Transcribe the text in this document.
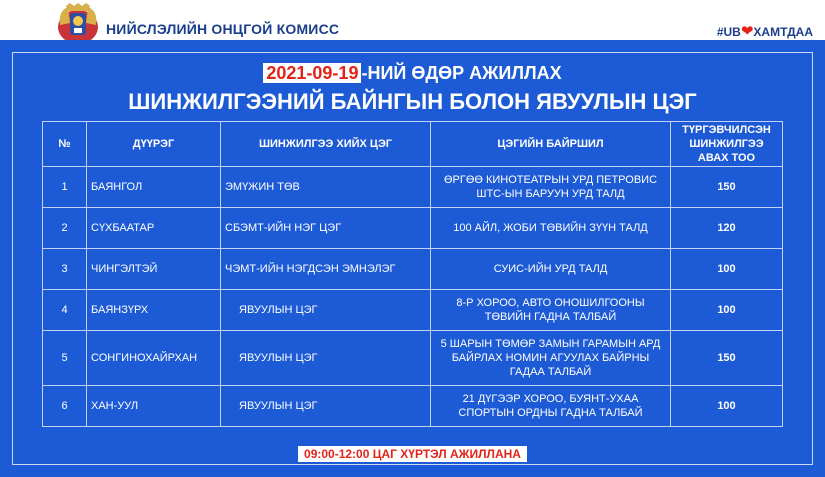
НИЙСЛЭЛИЙН ОНЦГОЙ КОМИСС	#UB❤ХАМТДАА
2021-09-19 -НИЙ ӨДӨР АЖИЛЛАХ
ШИНЖИЛГЭЭНИЙ БАЙНГЫН БОЛОН ЯВУУЛЫН ЦЭГ
№	ДҮҮРЭГ	ШИНЖИЛГЭЭ ХИЙХ ЦЭГ	ЦЭГИЙН БАЙРШИЛ	ТҮРГЭВЧИЛСЭН ШИНЖИЛГЭЭ АВАХ ТОО
1	БАЯНГОЛ	ЭМҮЖИН ТӨВ	ӨРГӨӨ КИНОТЕАТРЫН УРД ПЕТРОВИС ШТС-ЫН БАРУУН УРД ТАЛД	150
2	СҮХБААТАР	СБЭМТ-ИЙН НЭГ ЦЭГ	100 АЙЛ, ЖОБИ ТӨВИЙН ЗҮҮН ТАЛД	120
3	ЧИНГЭЛТЭЙ	ЧЭМТ-ИЙН НЭГДСЭН ЭМНЭЛЭГ	СУИС-ИЙН УРД ТАЛД	100
4	БАЯНЗҮРХ	ЯВУУЛЫН ЦЭГ	8-Р ХОРОО, АВТО ОНОШИЛГООНЫ ТӨВИЙН ГАДНА ТАЛБАЙ	100
5	СОНГИНОХАЙРХАН	ЯВУУЛЫН ЦЭГ	5 ШАРЫН ТӨМӨР ЗАМЫН ГАРАМЫН АРД БАЙРЛАХ НОМИН АГУУЛАХ БАЙРНЫ ГАДАА ТАЛБАЙ	150
6	ХАН-УУЛ	ЯВУУЛЫН ЦЭГ	21 ДҮГЭЭР ХОРОО, БУЯНТ-УХАА СПОРТЫН ОРДНЫ ГАДНА ТАЛБАЙ	100
09:00-12:00 ЦАГ ХҮРТЭЛ АЖИЛЛАНА
